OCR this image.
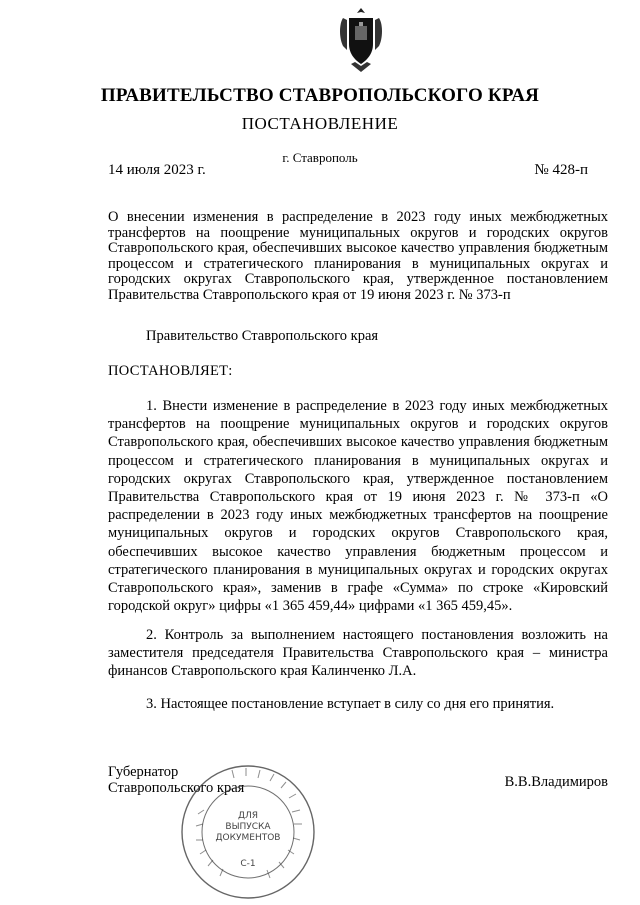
ПРАВИТЕЛЬСТВО СТАВРОПОЛЬСКОГО КРАЯ
ПОСТАНОВЛЕНИЕ
г. Ставрополь
14 июля 2023 г.	№ 428-п
О внесении изменения в распределение в 2023 году иных межбюджетных трансфертов на поощрение муниципальных округов и городских округов Ставропольского края, обеспечивших высокое качество управления бюджетным процессом и стратегического планирования в муниципальных округах и городских округах Ставропольского края, утвержденное постановлением Правительства Ставропольского края от 19 июня 2023 г. № 373-п
Правительство Ставропольского края
ПОСТАНОВЛЯЕТ:
1. Внести изменение в распределение в 2023 году иных межбюджетных трансфертов на поощрение муниципальных округов и городских округов Ставропольского края, обеспечивших высокое качество управления бюджетным процессом и стратегического планирования в муниципальных округах и городских округах Ставропольского края, утвержденное постановлением Правительства Ставропольского края от 19 июня 2023 г. № 373-п «О распределении в 2023 году иных межбюджетных трансфертов на поощрение муниципальных округов и городских округов Ставропольского края, обеспечивших высокое качество управления бюджетным процессом и стратегического планирования в муниципальных округах и городских округах Ставропольского края», заменив в графе «Сумма» по строке «Кировский городской округ» цифры «1 365 459,44» цифрами «1 365 459,45».
2. Контроль за выполнением настоящего постановления возложить на заместителя председателя Правительства Ставропольского края – министра финансов Ставропольского края Калинченко Л.А.
3. Настоящее постановление вступает в силу со дня его принятия.
Губернатор
Ставропольского края	В.В.Владимиров
ДЛЯ
ВЫПУСКА
ДОКУМЕНТОВ
С-1
